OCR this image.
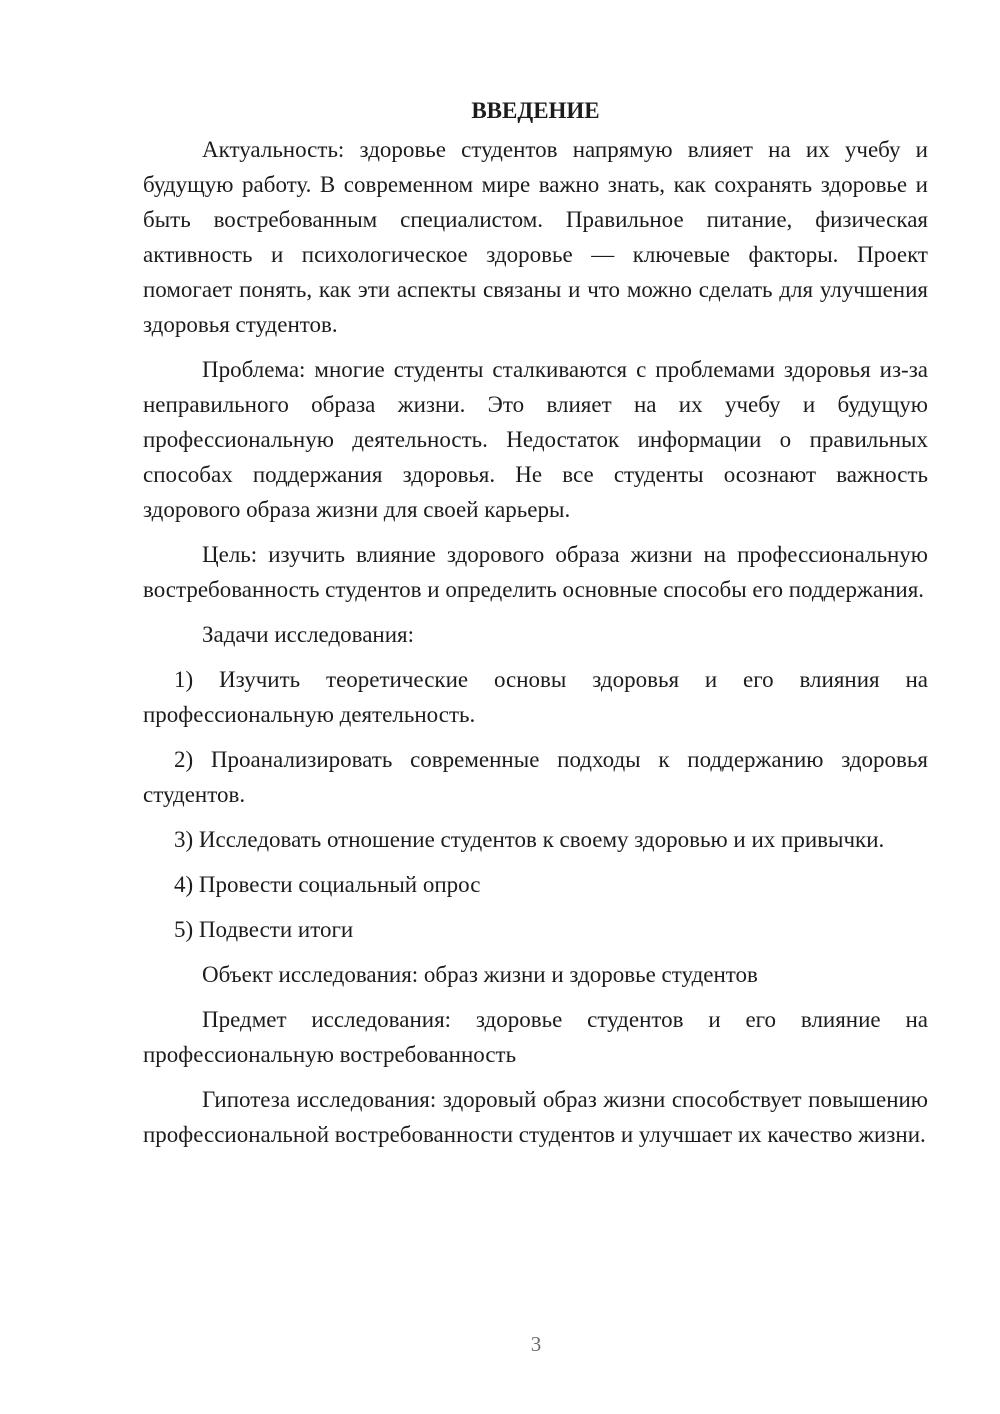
ВВЕДЕНИЕ

Актуальность: здоровье студентов напрямую влияет на их учебу и будущую работу. В современном мире важно знать, как сохранять здоровье и быть востребованным специалистом. Правильное питание, физическая активность и психологическое здоровье — ключевые факторы. Проект помогает понять, как эти аспекты связаны и что можно сделать для улучшения здоровья студентов.

Проблема: многие студенты сталкиваются с проблемами здоровья из-за неправильного образа жизни. Это влияет на их учебу и будущую профессиональную деятельность. Недостаток информации о правильных способах поддержания здоровья. Не все студенты осознают важность здорового образа жизни для своей карьеры.

Цель: изучить влияние здорового образа жизни на профессиональную востребованность студентов и определить основные способы его поддержания.

Задачи исследования:

1) Изучить теоретические основы здоровья и его влияния на профессиональную деятельность.

2) Проанализировать современные подходы к поддержанию здоровья студентов.

3) Исследовать отношение студентов к своему здоровью и их привычки.

4) Провести социальный опрос

5) Подвести итоги

Объект исследования: образ жизни и здоровье студентов

Предмет исследования: здоровье студентов и его влияние на профессиональную востребованность

Гипотеза исследования: здоровый образ жизни способствует повышению профессиональной востребованности студентов и улучшает их качество жизни.

3
